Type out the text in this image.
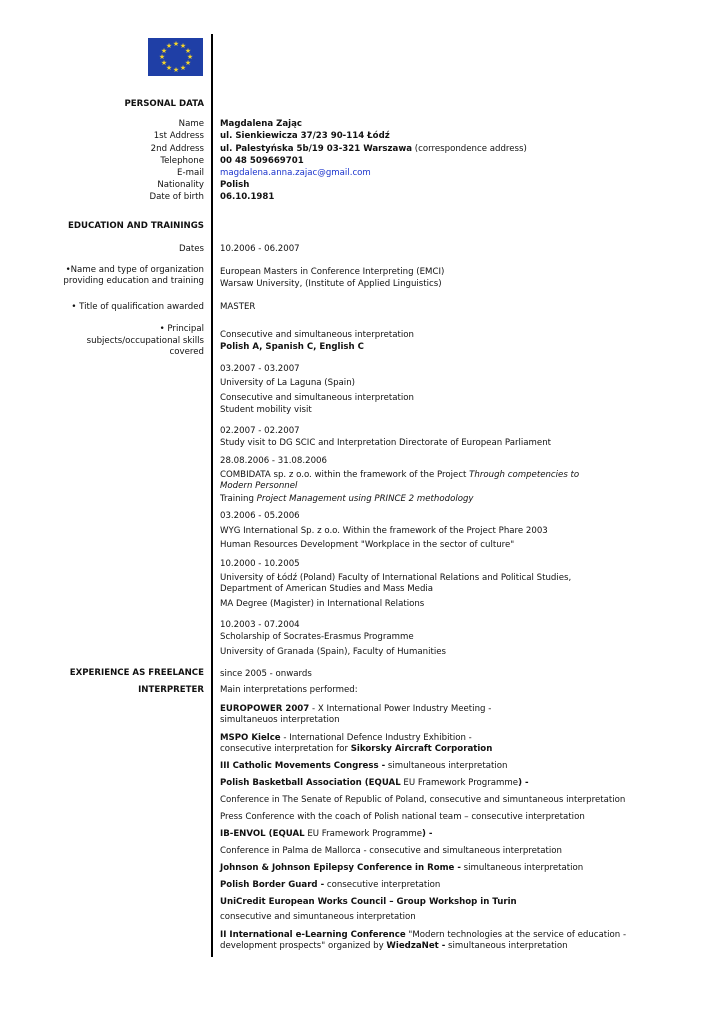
★ ★
★
★
★
★
★
★
★
★
★
★
PERSONAL DATA
Name
1st Address
2nd Address
Telephone
E-mail
Nationality
Date of birth
Magdalena Zając
ul. Sienkiewicza 37/23 90-114 Łódź
ul. Palestyńska 5b/19 03-321 Warszawa (correspondence address)
00 48 509669701
magdalena.anna.zajac@gmail.com
Polish
06.10.1981
EDUCATION AND TRAININGS
Dates
•Name and type of organization
providing education and training
• Title of qualification awarded
• Principal
subjects/occupational skills
covered
10.2006 - 06.2007
European Masters in Conference Interpreting (EMCI)
Warsaw University, (Institute of Applied Linguistics)
MASTER
Consecutive and simultaneous interpretation
Polish A, Spanish C, English C
03.2007 - 03.2007
University of La Laguna (Spain)
Consecutive and simultaneous interpretation
Student mobility visit
02.2007 - 02.2007
Study visit to DG SCIC and Interpretation Directorate of European Parliament
28.08.2006 - 31.08.2006
COMBIDATA sp. z o.o. within the framework of the Project Through competencies to
Modern Personnel
Training Project Management using PRINCE 2 methodology
03.2006 - 05.2006
WYG International Sp. z o.o. Within the framework of the Project Phare 2003
Human Resources Development "Workplace in the sector of culture"
10.2000 - 10.2005
University of Łódź (Poland) Faculty of International Relations and Political Studies,
Department of American Studies and Mass Media
MA Degree (Magister) in International Relations
10.2003 - 07.2004
Scholarship of Socrates-Erasmus Programme
University of Granada (Spain), Faculty of Humanities
EXPERIENCE AS FREELANCE
INTERPRETER
since 2005 - onwards
Main interpretations performed:
EUROPOWER 2007 - X International Power Industry Meeting -
simultaneuos interpretation
MSPO Kielce - International Defence Industry Exhibition -
consecutive interpretation for Sikorsky Aircraft Corporation
III Catholic Movements Congress - simultaneous interpretation
Polish Basketball Association (EQUAL EU Framework Programme) -
Conference in The Senate of Republic of Poland, consecutive and simuntaneous interpretation
Press Conference with the coach of Polish national team – consecutive interpretation
IB-ENVOL (EQUAL EU Framework Programme) -
Conference in Palma de Mallorca - consecutive and simultaneous interpretation
Johnson & Johnson Epilepsy Conference in Rome - simultaneous interpretation
Polish Border Guard - consecutive interpretation
UniCredit European Works Council – Group Workshop in Turin
consecutive and simuntaneous interpretation
II International e-Learning Conference "Modern technologies at the service of education -
development prospects" organized by WiedzaNet - simultaneous interpretation
